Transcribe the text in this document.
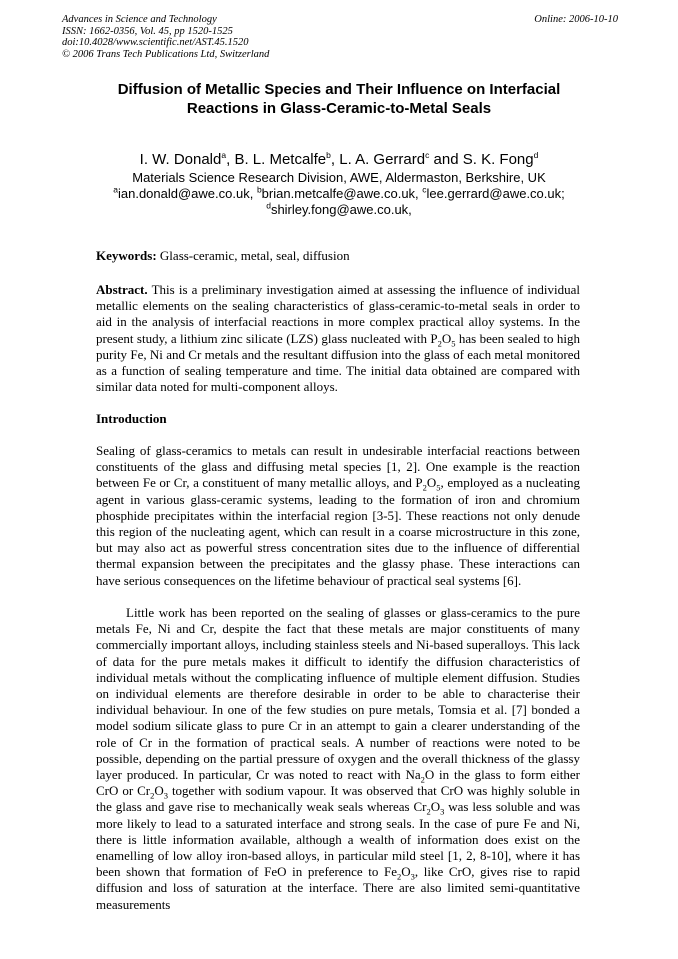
Advances in Science and Technology
ISSN: 1662-0356, Vol. 45, pp 1520-1525
doi:10.4028/www.scientific.net/AST.45.1520
© 2006 Trans Tech Publications Ltd, Switzerland
Online: 2006-10-10
Diffusion of Metallic Species and Their Influence on Interfacial
Reactions in Glass-Ceramic-to-Metal Seals
I. W. Donald$^a$, B. L. Metcalfe$^b$, L. A. Gerrard$^c$ and S. K. Fong$^d$
Materials Science Research Division, AWE, Aldermaston, Berkshire, UK
$^a$ian.donald@awe.co.uk, $^b$brian.metcalfe@awe.co.uk, $^c$lee.gerrard@awe.co.uk;
$^d$shirley.fong@awe.co.uk,
Keywords: Glass-ceramic, metal, seal, diffusion
Abstract. This is a preliminary investigation aimed at assessing the influence of individual metallic elements on the sealing characteristics of glass-ceramic-to-metal seals in order to aid in the analysis of interfacial reactions in more complex practical alloy systems. In the present study, a lithium zinc silicate (LZS) glass nucleated with $P_2O_5$ has been sealed to high purity Fe, Ni and Cr metals and the resultant diffusion into the glass of each metal monitored as a function of sealing temperature and time. The initial data obtained are compared with similar data noted for multi-component alloys.
Introduction
Sealing of glass-ceramics to metals can result in undesirable interfacial reactions between constituents of the glass and diffusing metal species [1, 2]. One example is the reaction between Fe or Cr, a constituent of many metallic alloys, and $P_2O_5$, employed as a nucleating agent in various glass-ceramic systems, leading to the formation of iron and chromium phosphide precipitates within the interfacial region [3-5]. These reactions not only denude this region of the nucleating agent, which can result in a coarse microstructure in this zone, but may also act as powerful stress concentration sites due to the influence of differential thermal expansion between the precipitates and the glassy phase. These interactions can have serious consequences on the lifetime behaviour of practical seal systems [6].
Little work has been reported on the sealing of glasses or glass-ceramics to the pure metals Fe, Ni and Cr, despite the fact that these metals are major constituents of many commercially important alloys, including stainless steels and Ni-based superalloys. This lack of data for the pure metals makes it difficult to identify the diffusion characteristics of individual metals without the complicating influence of multiple element diffusion. Studies on individual elements are therefore desirable in order to be able to characterise their individual behaviour. In one of the few studies on pure metals, Tomsia et al. [7] bonded a model sodium silicate glass to pure Cr in an attempt to gain a clearer understanding of the role of Cr in the formation of practical seals. A number of reactions were noted to be possible, depending on the partial pressure of oxygen and the overall thickness of the glassy layer produced. In particular, Cr was noted to react with $Na_2O$ in the glass to form either CrO or $Cr_2O_3$ together with sodium vapour. It was observed that CrO was highly soluble in the glass and gave rise to mechanically weak seals whereas $Cr_2O_3$ was less soluble and was more likely to lead to a saturated interface and strong seals. In the case of pure Fe and Ni, there is little information available, although a wealth of information does exist on the enamelling of low alloy iron-based alloys, in particular mild steel [1, 2, 8-10], where it has been shown that formation of FeO in preference to $Fe_2O_3$, like CrO, gives rise to rapid diffusion and loss of saturation at the interface. There are also limited semi-quantitative measurements
